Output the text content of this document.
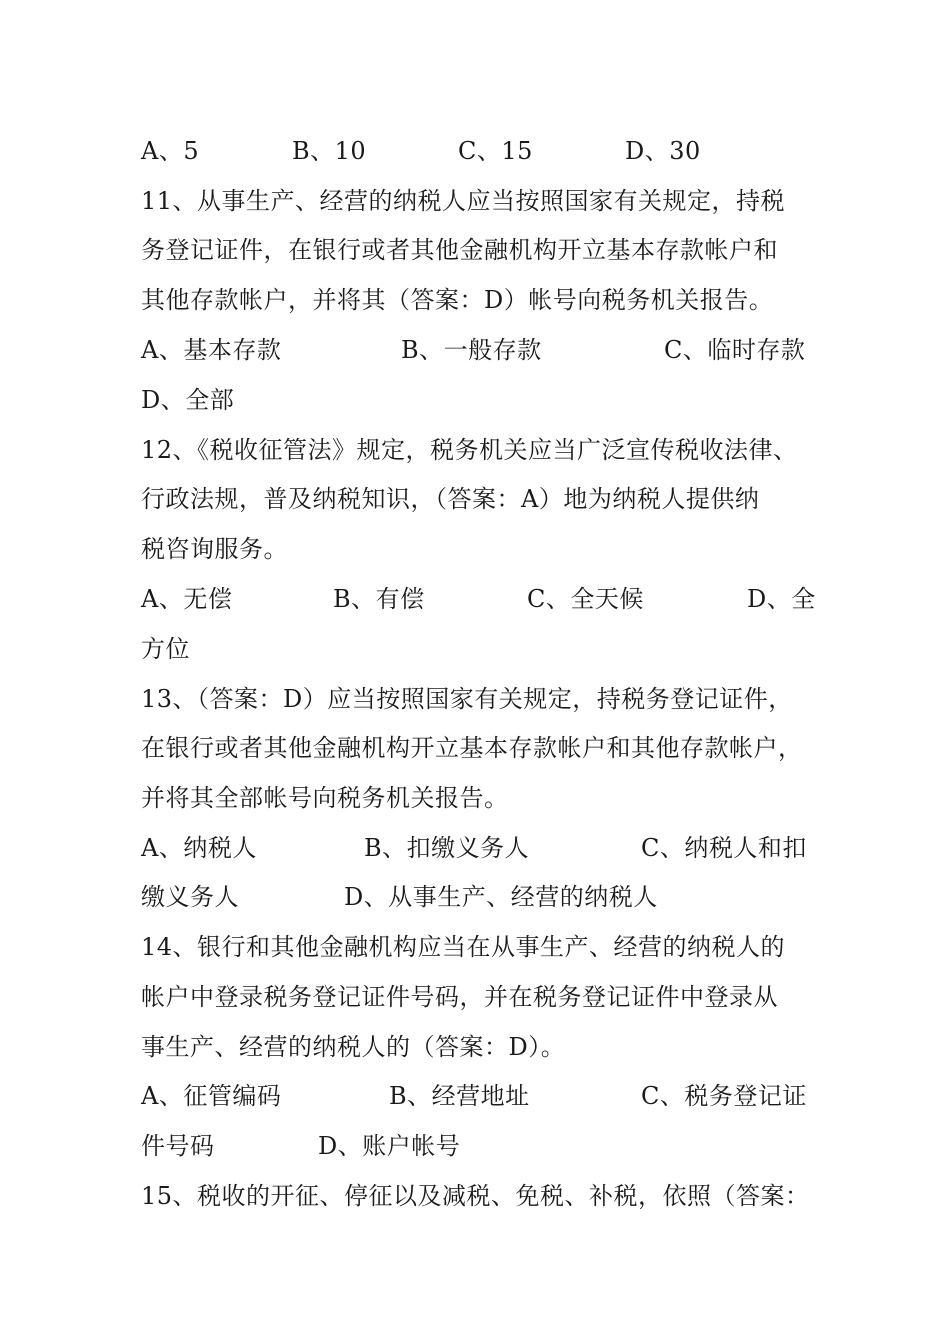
A、5

	B、10

	C、15

	D、30

11、从事生产、经营的纳税人应当按照国家有关规定，持税
务登记证件，在银行或者其他金融机构开立基本存款帐户和
其他存款帐户，并将其（答案：D）帐号向税务机关报告。

A、基本存款

	B、一般存款

	C、临时存款

D、全部
12、《税收征管法》规定，税务机关应当广泛宣传税收法律、
行政法规，普及纳税知识，（答案：A）地为纳税人提供纳
税咨询服务。

A、无偿

	B、有偿

	C、全天候

	D、全

方位
13、（答案：D）应当按照国家有关规定，持税务登记证件，
在银行或者其他金融机构开立基本存款帐户和其他存款帐户，
并将其全部帐号向税务机关报告。

A、纳税人

	B、扣缴义务人

	C、纳税人和扣

缴义务人

	D、从事生产、经营的纳税人

14、银行和其他金融机构应当在从事生产、经营的纳税人的
帐户中登录税务登记证件号码，并在税务登记证件中登录从
事生产、经营的纳税人的（答案：D）。

A、征管编码

	B、经营地址

	C、税务登记证

件号码

	D、账户帐号

15、税收的开征、停征以及减税、免税、补税，依照（答案：
